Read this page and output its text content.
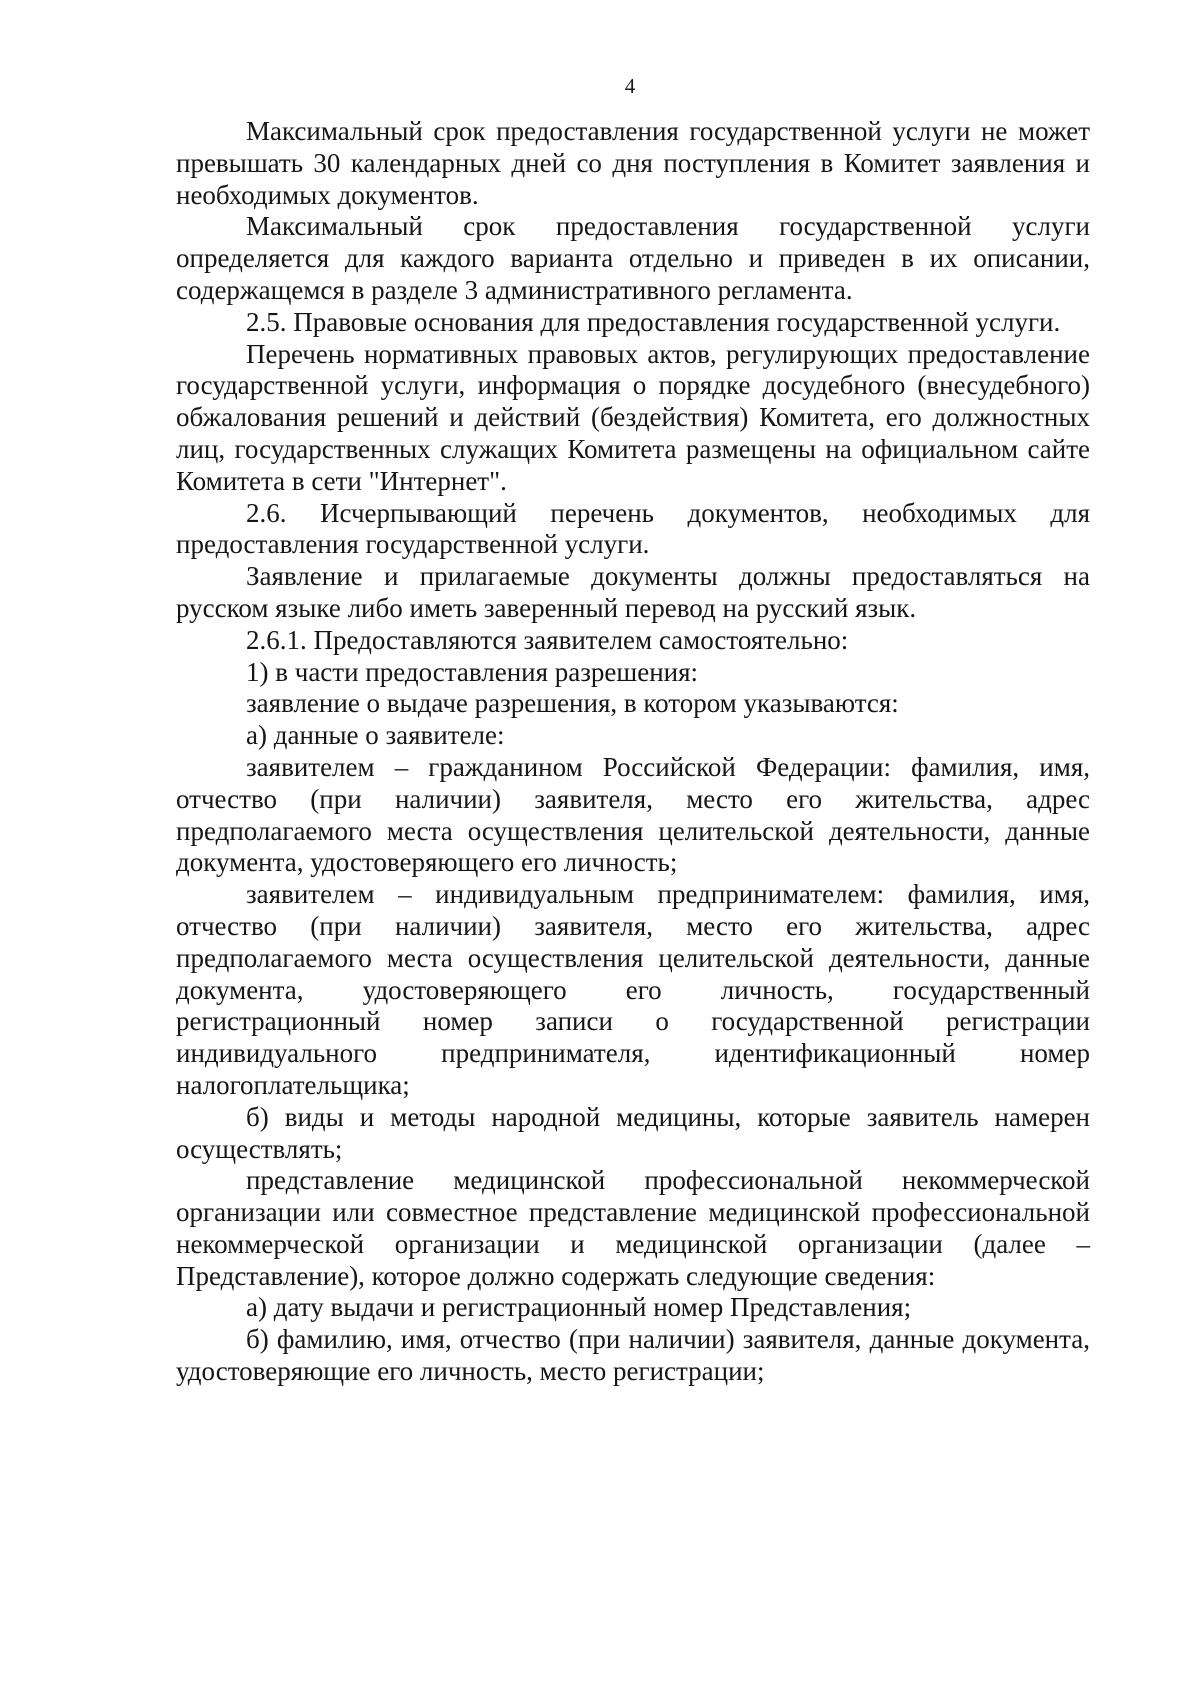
4

Максимальный срок предоставления государственной услуги не может превышать 30 календарных дней со дня поступления в Комитет заявления и необходимых документов.

Максимальный срок предоставления государственной услуги определяется для каждого варианта отдельно и приведен в их описании, содержащемся в разделе 3 административного регламента.

2.5. Правовые основания для предоставления государственной услуги.

Перечень нормативных правовых актов, регулирующих предоставление государственной услуги, информация о порядке досудебного (внесудебного) обжалования решений и действий (бездействия) Комитета, его должностных лиц, государственных служащих Комитета размещены на официальном сайте Комитета в сети "Интернет".

2.6. Исчерпывающий перечень документов, необходимых для предоставления государственной услуги.

Заявление и прилагаемые документы должны предоставляться на русском языке либо иметь заверенный перевод на русский язык.

2.6.1. Предоставляются заявителем самостоятельно:

1) в части предоставления разрешения:

заявление о выдаче разрешения, в котором указываются:

а) данные о заявителе:

заявителем – гражданином Российской Федерации: фамилия, имя, отчество (при наличии) заявителя, место его жительства, адрес предполагаемого места осуществления целительской деятельности, данные документа, удостоверяющего его личность;

заявителем – индивидуальным предпринимателем: фамилия, имя, отчество (при наличии) заявителя, место его жительства, адрес предполагаемого места осуществления целительской деятельности, данные документа, удостоверяющего его личность, государственный регистрационный номер записи о государственной регистрации индивидуального предпринимателя, идентификационный номер налогоплательщика;

б) виды и методы народной медицины, которые заявитель намерен осуществлять;

представление медицинской профессиональной некоммерческой организации или совместное представление медицинской профессиональной некоммерческой организации и медицинской организации (далее – Представление), которое должно содержать следующие сведения:

а) дату выдачи и регистрационный номер Представления;

б) фамилию, имя, отчество (при наличии) заявителя, данные документа, удостоверяющие его личность, место регистрации;
